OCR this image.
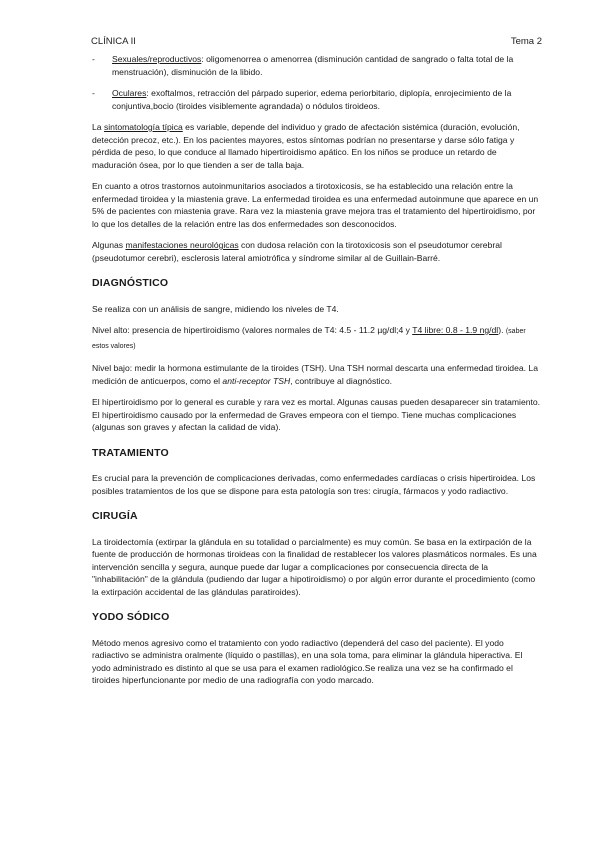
CLÍNICA II	Tema 2
- Sexuales/reproductivos: oligomenorrea o amenorrea (disminución cantidad de sangrado o falta total de la menstruación), disminución de la libido.
- Oculares: exoftalmos, retracción del párpado superior, edema periorbitario, diplopía, enrojecimiento de la conjuntiva,bocio (tiroides visiblemente agrandada) o nódulos tiroideos.

La sintomatología típica es variable, depende del individuo y grado de afectación sistémica (duración, evolución, detección precoz, etc.). En los pacientes mayores, estos síntomas podrían no presentarse y darse sólo fatiga y pérdida de peso, lo que conduce al llamado hipertiroidismo apático. En los niños se produce un retardo de maduración ósea, por lo que tienden a ser de talla baja.

En cuanto a otros trastornos autoinmunitarios asociados a tirotoxicosis, se ha establecido una relación entre la enfermedad tiroidea y la miastenia grave. La enfermedad tiroidea es una enfermedad autoinmune que aparece en un 5% de pacientes con miastenia grave. Rara vez la miastenia grave mejora tras el tratamiento del hipertiroidismo, por lo que los detalles de la relación entre las dos enfermedades son desconocidos.

Algunas manifestaciones neurológicas con dudosa relación con la tirotoxicosis son el pseudotumor cerebral (pseudotumor cerebri), esclerosis lateral amiotrófica y síndrome similar al de Guillain-Barré.

DIAGNÓSTICO

Se realiza con un análisis de sangre, midiendo los niveles de T4.

Nivel alto: presencia de hipertiroidismo (valores normales de T4: 4.5 - 11.2 µg/dl;4 y T4 libre: 0.8 - 1.9 ng/dl). (saber estos valores)

Nivel bajo: medir la hormona estimulante de la tiroides (TSH). Una TSH normal descarta una enfermedad tiroidea. La medición de anticuerpos, como el anti-receptor TSH, contribuye al diagnóstico.

El hipertiroidismo por lo general es curable y rara vez es mortal. Algunas causas pueden desaparecer sin tratamiento. El hipertiroidismo causado por la enfermedad de Graves empeora con el tiempo. Tiene muchas complicaciones (algunas son graves y afectan la calidad de vida).

TRATAMIENTO

Es crucial para la prevención de complicaciones derivadas, como enfermedades cardíacas o crisis hipertiroidea. Los posibles tratamientos de los que se dispone para esta patología son tres: cirugía, fármacos y yodo radiactivo.

CIRUGÍA

La tiroidectomía (extirpar la glándula en su totalidad o parcialmente) es muy común. Se basa en la extirpación de la fuente de producción de hormonas tiroideas con la finalidad de restablecer los valores plasmáticos normales. Es una intervención sencilla y segura, aunque puede dar lugar a complicaciones por consecuencia directa de la "inhabilitación" de la glándula (pudiendo dar lugar a hipotiroidismo) o por algún error durante el procedimiento (como la extirpación accidental de las glándulas paratiroides).

YODO SÓDICO

Método menos agresivo como el tratamiento con yodo radiactivo (dependerá del caso del paciente). El yodo radiactivo se administra oralmente (líquido o pastillas), en una sola toma, para eliminar la glándula hiperactiva. El yodo administrado es distinto al que se usa para el examen radiológico.Se realiza una vez se ha confirmado el tiroides hiperfuncionante por medio de una radiografía con yodo marcado.
